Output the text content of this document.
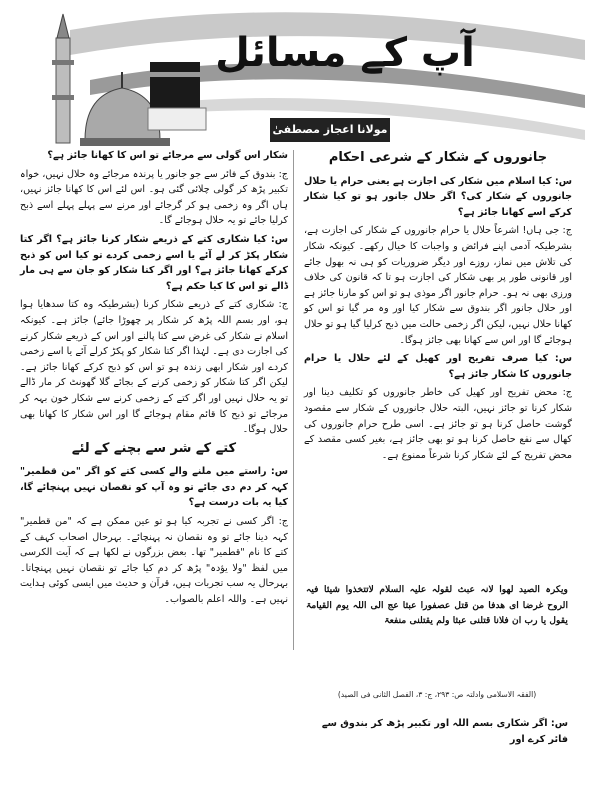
آپ کے مسائل
مولانا اعجاز مصطفیٰ
جانوروں کے شکار کے شرعی احکام

س: کیا اسلام میں شکار کی اجازت ہے یعنی حرام یا حلال جانوروں کے شکار کی؟ اگر حلال جانور ہو تو کیا شکار کرکے اسے کھانا جائز ہے؟

ج: جی ہاں! اشرعاً حلال یا حرام جانوروں کے شکار کی اجازت ہے، بشرطیکہ آدمی اپنے فرائض و واجبات کا خیال رکھے۔ کیونکہ شکار کی تلاش میں نماز، روزے اور دیگر ضروریات کو ہی نہ بھول جائے اور قانونی طور پر بھی شکار کی اجازت ہو تا کہ قانون کی خلاف ورزی بھی نہ ہو۔ حرام جانور اگر موذی ہو تو اس کو مارنا جائز ہے اور حلال جانور اگر بندوق سے شکار کیا اور وہ مر گیا تو اس کو کھانا حلال نہیں، لیکن اگر زخمی حالت میں ذبح کرلیا گیا ہو تو حلال ہوجائے گا اور اس سے کھانا بھی جائز ہوگا۔

س: کیا صرف تفریح اور کھیل کے لئے حلال یا حرام جانوروں کا شکار جائز ہے؟

ج: محض تفریح اور کھیل کی خاطر جانوروں کو تکلیف دینا اور شکار کرنا تو جائز نہیں، البتہ حلال جانوروں کے شکار سے مقصود گوشت حاصل کرنا ہو تو جائز ہے۔ اسی طرح حرام جانوروں کی کھال سے نفع حاصل کرنا ہو تو بھی جائز ہے، بغیر کسی مقصد کے محض تفریح کے لئے شکار کرنا شرعاً ممنوع ہے۔

ویکرہ الصید لھوا لانہ عبث لقولہ علیہ السلام لاتتخذوا شیئا فیہ الروح غرضا ای ھدفا من قتل عصفورا عبثا عج الی اللہ یوم القیامۃ یقول یا رب ان فلانا قتلنی عبثا ولم یقتلنی منفعۃ
(الفقہ الاسلامی وادلتہ ص: ۲۹۳، ج: ۳، الفصل الثانی فی الصید)
س: اگر شکاری بسم اللہ اور تکبیر پڑھ کر بندوق سے فائر کرے اور

شکار اس گولی سے مرجائے تو اس کا کھانا جائز ہے؟

ج: بندوق کے فائر سے جو جانور یا پرندہ مرجائے وہ حلال نہیں، خواہ تکبیر پڑھ کر گولی چلائی گئی ہو۔ اس لئے اس کا کھانا جائز نہیں، ہاں اگر وہ زخمی ہو کر گرجائے اور مرنے سے پہلے پہلے اسے ذبح کرلیا جائے تو یہ حلال ہوجائے گا۔

س: کیا شکاری کتے کے ذریعے شکار کرنا جائز ہے؟ اگر کتا شکار پکڑ کر لے آئے یا اسے زخمی کردے تو کیا اس کو ذبح کرکے کھانا جائز ہے؟ اور اگر کتا شکار کو جان سے ہی مار ڈالے تو اس کا کیا حکم ہے؟

ج: شکاری کتے کے ذریعے شکار کرنا (بشرطیکہ وہ کتا سدھایا ہوا ہو، اور بسم اللہ پڑھ کر شکار پر چھوڑا جائے) جائز ہے۔ کیونکہ اسلام نے شکار کی غرض سے کتا پالنے اور اس کے ذریعے شکار کرنے کی اجازت دی ہے۔ لہٰذا اگر کتا شکار کو پکڑ کرلے آئے یا اسے زخمی کردے اور شکار ابھی زندہ ہو تو اس کو ذبح کرکے کھانا جائز ہے۔ لیکن اگر کتا شکار کو زخمی کرنے کے بجائے گلا گھونٹ کر مار ڈالے تو یہ حلال نہیں اور اگر کتے کے زخمی کرنے سے شکار خون بہہ کر مرجائے تو ذبح کا قائم مقام ہوجائے گا اور اس شکار کا کھانا بھی حلال ہوگا۔

کتے کے شر سے بچنے کے لئے

س: راستے میں ملنے والے کسی کتے کو اگر "من قطمیر" کہہ کر دم دی جائے تو وہ آپ کو نقصان نہیں پہنچائے گا، کیا یہ بات درست ہے؟

ج: اگر کسی نے تجربہ کیا ہو تو عین ممکن ہے کہ "من قطمیر" کہہ دینا جائے تو وہ نقصان نہ پہنچائے۔ بہرحال اصحاب کہف کے کتے کا نام "قطمیر" تھا۔ بعض بزرگوں نے لکھا ہے کہ آیت الکرسی میں لفظ "ولا یؤدہ" پڑھ کر دم کیا جائے تو نقصان نہیں پہنچاتا۔ بہرحال یہ سب تجربات ہیں، قرآن و حدیث میں ایسی کوئی ہدایت نہیں ہے۔ واللہ اعلم بالصواب۔
